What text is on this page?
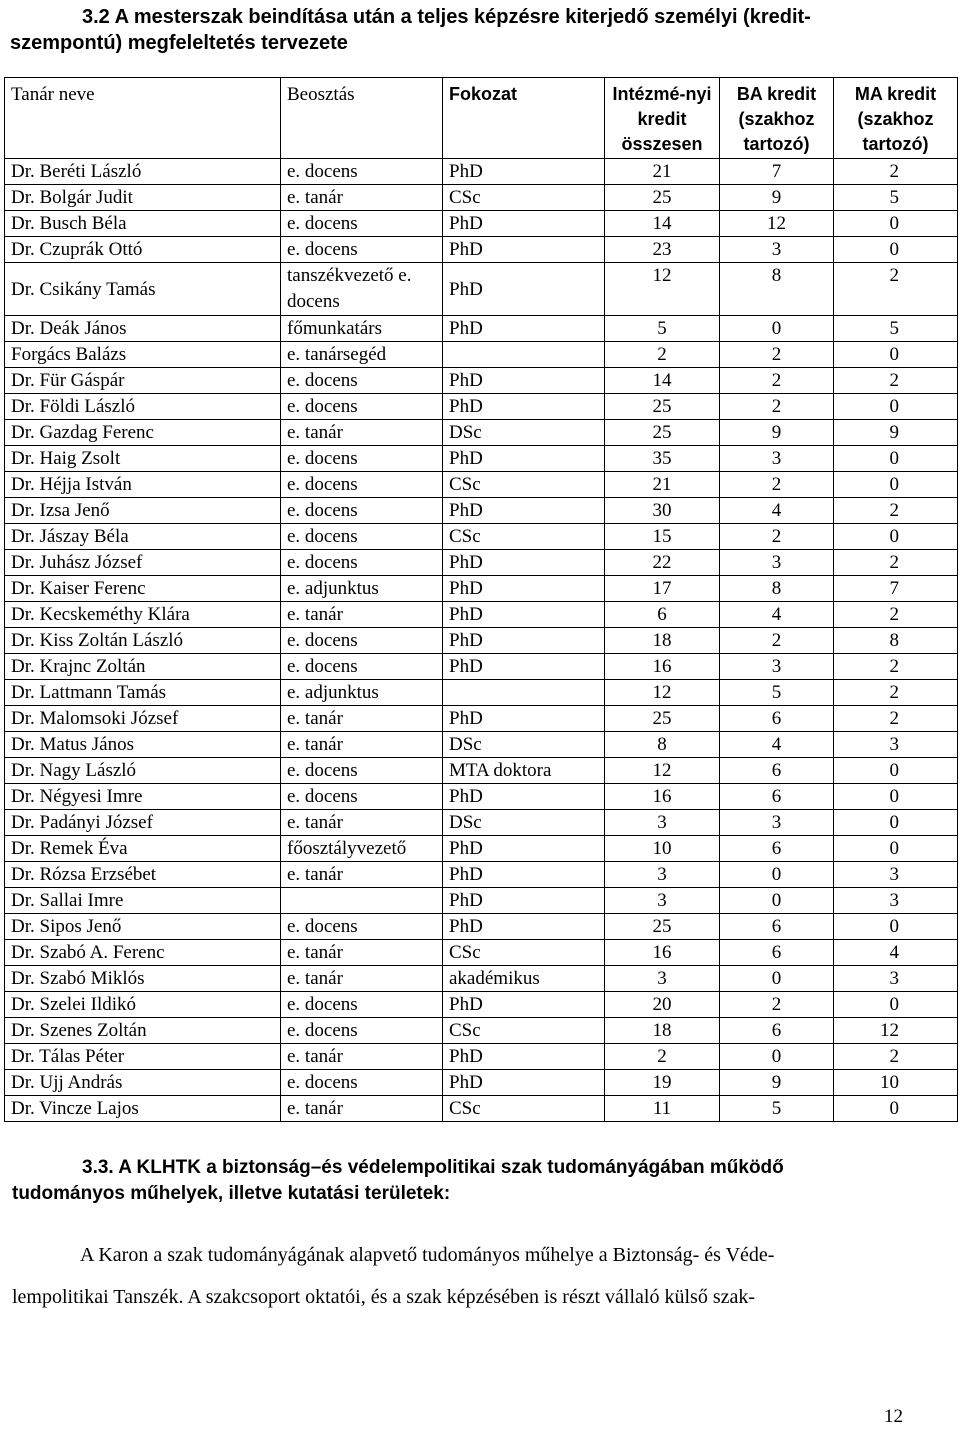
3.2 A mesterszak beindítása után a teljes képzésre kiterjedő személyi (kredit-
szempontú) megfeleltetés tervezete
Tanár neve	Beosztás	Fokozat	Intézmé-nyi kredit összesen	BA kredit (szakhoz tartozó)	MA kredit (szakhoz tartozó)
Dr. Beréti László	e. docens	PhD	21	7	2
Dr. Bolgár Judit	e. tanár	CSc	25	9	5
Dr. Busch Béla	e. docens	PhD	14	12	0
Dr. Czuprák Ottó	e. docens	PhD	23	3	0
Dr. Csikány Tamás	tanszékvezető e. docens	PhD	12	8	2
Dr. Deák János	főmunkatárs	PhD	5	0	5
Forgács Balázs	e. tanársegéd		2	2	0
Dr. Für Gáspár	e. docens	PhD	14	2	2
Dr. Földi László	e. docens	PhD	25	2	0
Dr. Gazdag Ferenc	e. tanár	DSc	25	9	9
Dr. Haig Zsolt	e. docens	PhD	35	3	0
Dr. Héjja István	e. docens	CSc	21	2	0
Dr. Izsa Jenő	e. docens	PhD	30	4	2
Dr. Jászay Béla	e. docens	CSc	15	2	0
Dr. Juhász József	e. docens	PhD	22	3	2
Dr. Kaiser Ferenc	e. adjunktus	PhD	17	8	7
Dr. Kecskeméthy Klára	e. tanár	PhD	6	4	2
Dr. Kiss Zoltán László	e. docens	PhD	18	2	8
Dr. Krajnc Zoltán	e. docens	PhD	16	3	2
Dr. Lattmann Tamás	e. adjunktus		12	5	2
Dr. Malomsoki József	e. tanár	PhD	25	6	2
Dr. Matus János	e. tanár	DSc	8	4	3
Dr. Nagy László	e. docens	MTA doktora	12	6	0
Dr. Négyesi Imre	e. docens	PhD	16	6	0
Dr. Padányi József	e. tanár	DSc	3	3	0
Dr. Remek Éva	főosztályvezető	PhD	10	6	0
Dr. Rózsa Erzsébet	e. tanár	PhD	3	0	3
Dr. Sallai Imre		PhD	3	0	3
Dr. Sipos Jenő	e. docens	PhD	25	6	0
Dr. Szabó A. Ferenc	e. tanár	CSc	16	6	4
Dr. Szabó Miklós	e. tanár	akadémikus	3	0	3
Dr. Szelei Ildikó	e. docens	PhD	20	2	0
Dr. Szenes Zoltán	e. docens	CSc	18	6	12
Dr. Tálas Péter	e. tanár	PhD	2	0	2
Dr. Ujj András	e. docens	PhD	19	9	10
Dr. Vincze Lajos	e. tanár	CSc	11	5	0
3.3. A KLHTK a biztonság–és védelempolitikai szak tudományágában működő
tudományos műhelyek, illetve kutatási területek:
A Karon a szak tudományágának alapvető tudományos műhelye a Biztonság- és Véde-
lempolitikai Tanszék. A szakcsoport oktatói, és a szak képzésében is részt vállaló külső szak-
12
